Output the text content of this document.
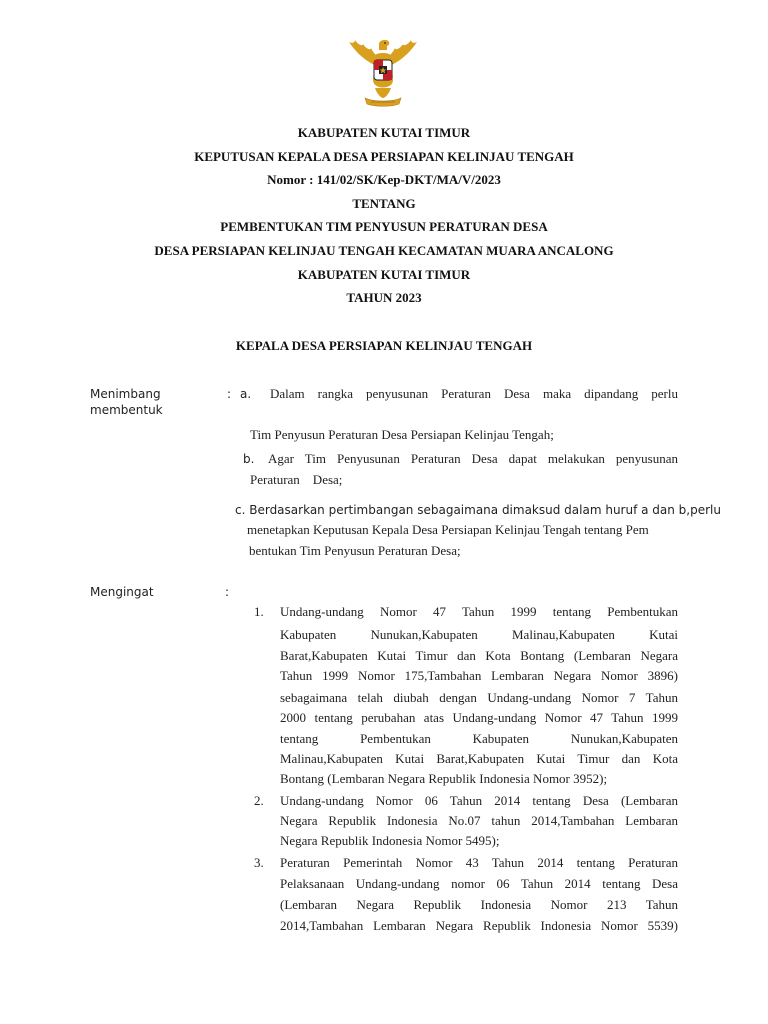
KABUPATEN KUTAI TIMUR
KEPUTUSAN KEPALA DESA PERSIAPAN KELINJAU TENGAH
Nomor : 141/02/SK/Kep-DKT/MA/V/2023
TENTANG
PEMBENTUKAN TIM PENYUSUN PERATURAN DESA
DESA PERSIAPAN KELINJAU TENGAH KECAMATAN MUARA ANCALONG
KABUPATEN KUTAI TIMUR
TAHUN 2023
KEPALA DESA PERSIAPAN KELINJAU TENGAH
Menimbang
membentuk
: a. Dalam rangka penyusunan Peraturan Desa maka dipandang perlu
Tim Penyusun Peraturan Desa Persiapan Kelinjau Tengah;
b. Agar Tim Penyusunan Peraturan Desa dapat melakukan penyusunan
Peraturan    Desa;
c. Berdasarkan pertimbangan sebagaimana dimaksud dalam huruf a dan b,perlu
menetapkan Keputusan Kepala Desa Persiapan Kelinjau Tengah tentang Pem
bentukan Tim Penyusun Peraturan Desa;
Mengingat	:
1.	Undang-undang Nomor 47 Tahun 1999 tentang Pembentukan
Kabupaten Nunukan,Kabupaten Malinau,Kabupaten Kutai
Barat,Kabupaten Kutai Timur dan Kota Bontang (Lembaran Negara
Tahun 1999 Nomor 175,Tambahan Lembaran Negara Nomor 3896)
sebagaimana telah diubah dengan Undang-undang Nomor 7 Tahun
2000 tentang perubahan atas Undang-undang Nomor 47 Tahun 1999
tentang Pembentukan Kabupaten Nunukan,Kabupaten
Malinau,Kabupaten Kutai Barat,Kabupaten Kutai Timur dan Kota
Bontang (Lembaran Negara Republik Indonesia Nomor 3952);
2.	Undang-undang Nomor 06 Tahun 2014 tentang Desa (Lembaran
Negara Republik Indonesia No.07 tahun 2014,Tambahan Lembaran
Negara Republik Indonesia Nomor 5495);
3.	Peraturan Pemerintah Nomor 43 Tahun 2014 tentang Peraturan
Pelaksanaan Undang-undang nomor 06 Tahun 2014 tentang Desa
(Lembaran Negara Republik Indonesia Nomor 213 Tahun
2014,Tambahan Lembaran Negara Republik Indonesia Nomor 5539)
